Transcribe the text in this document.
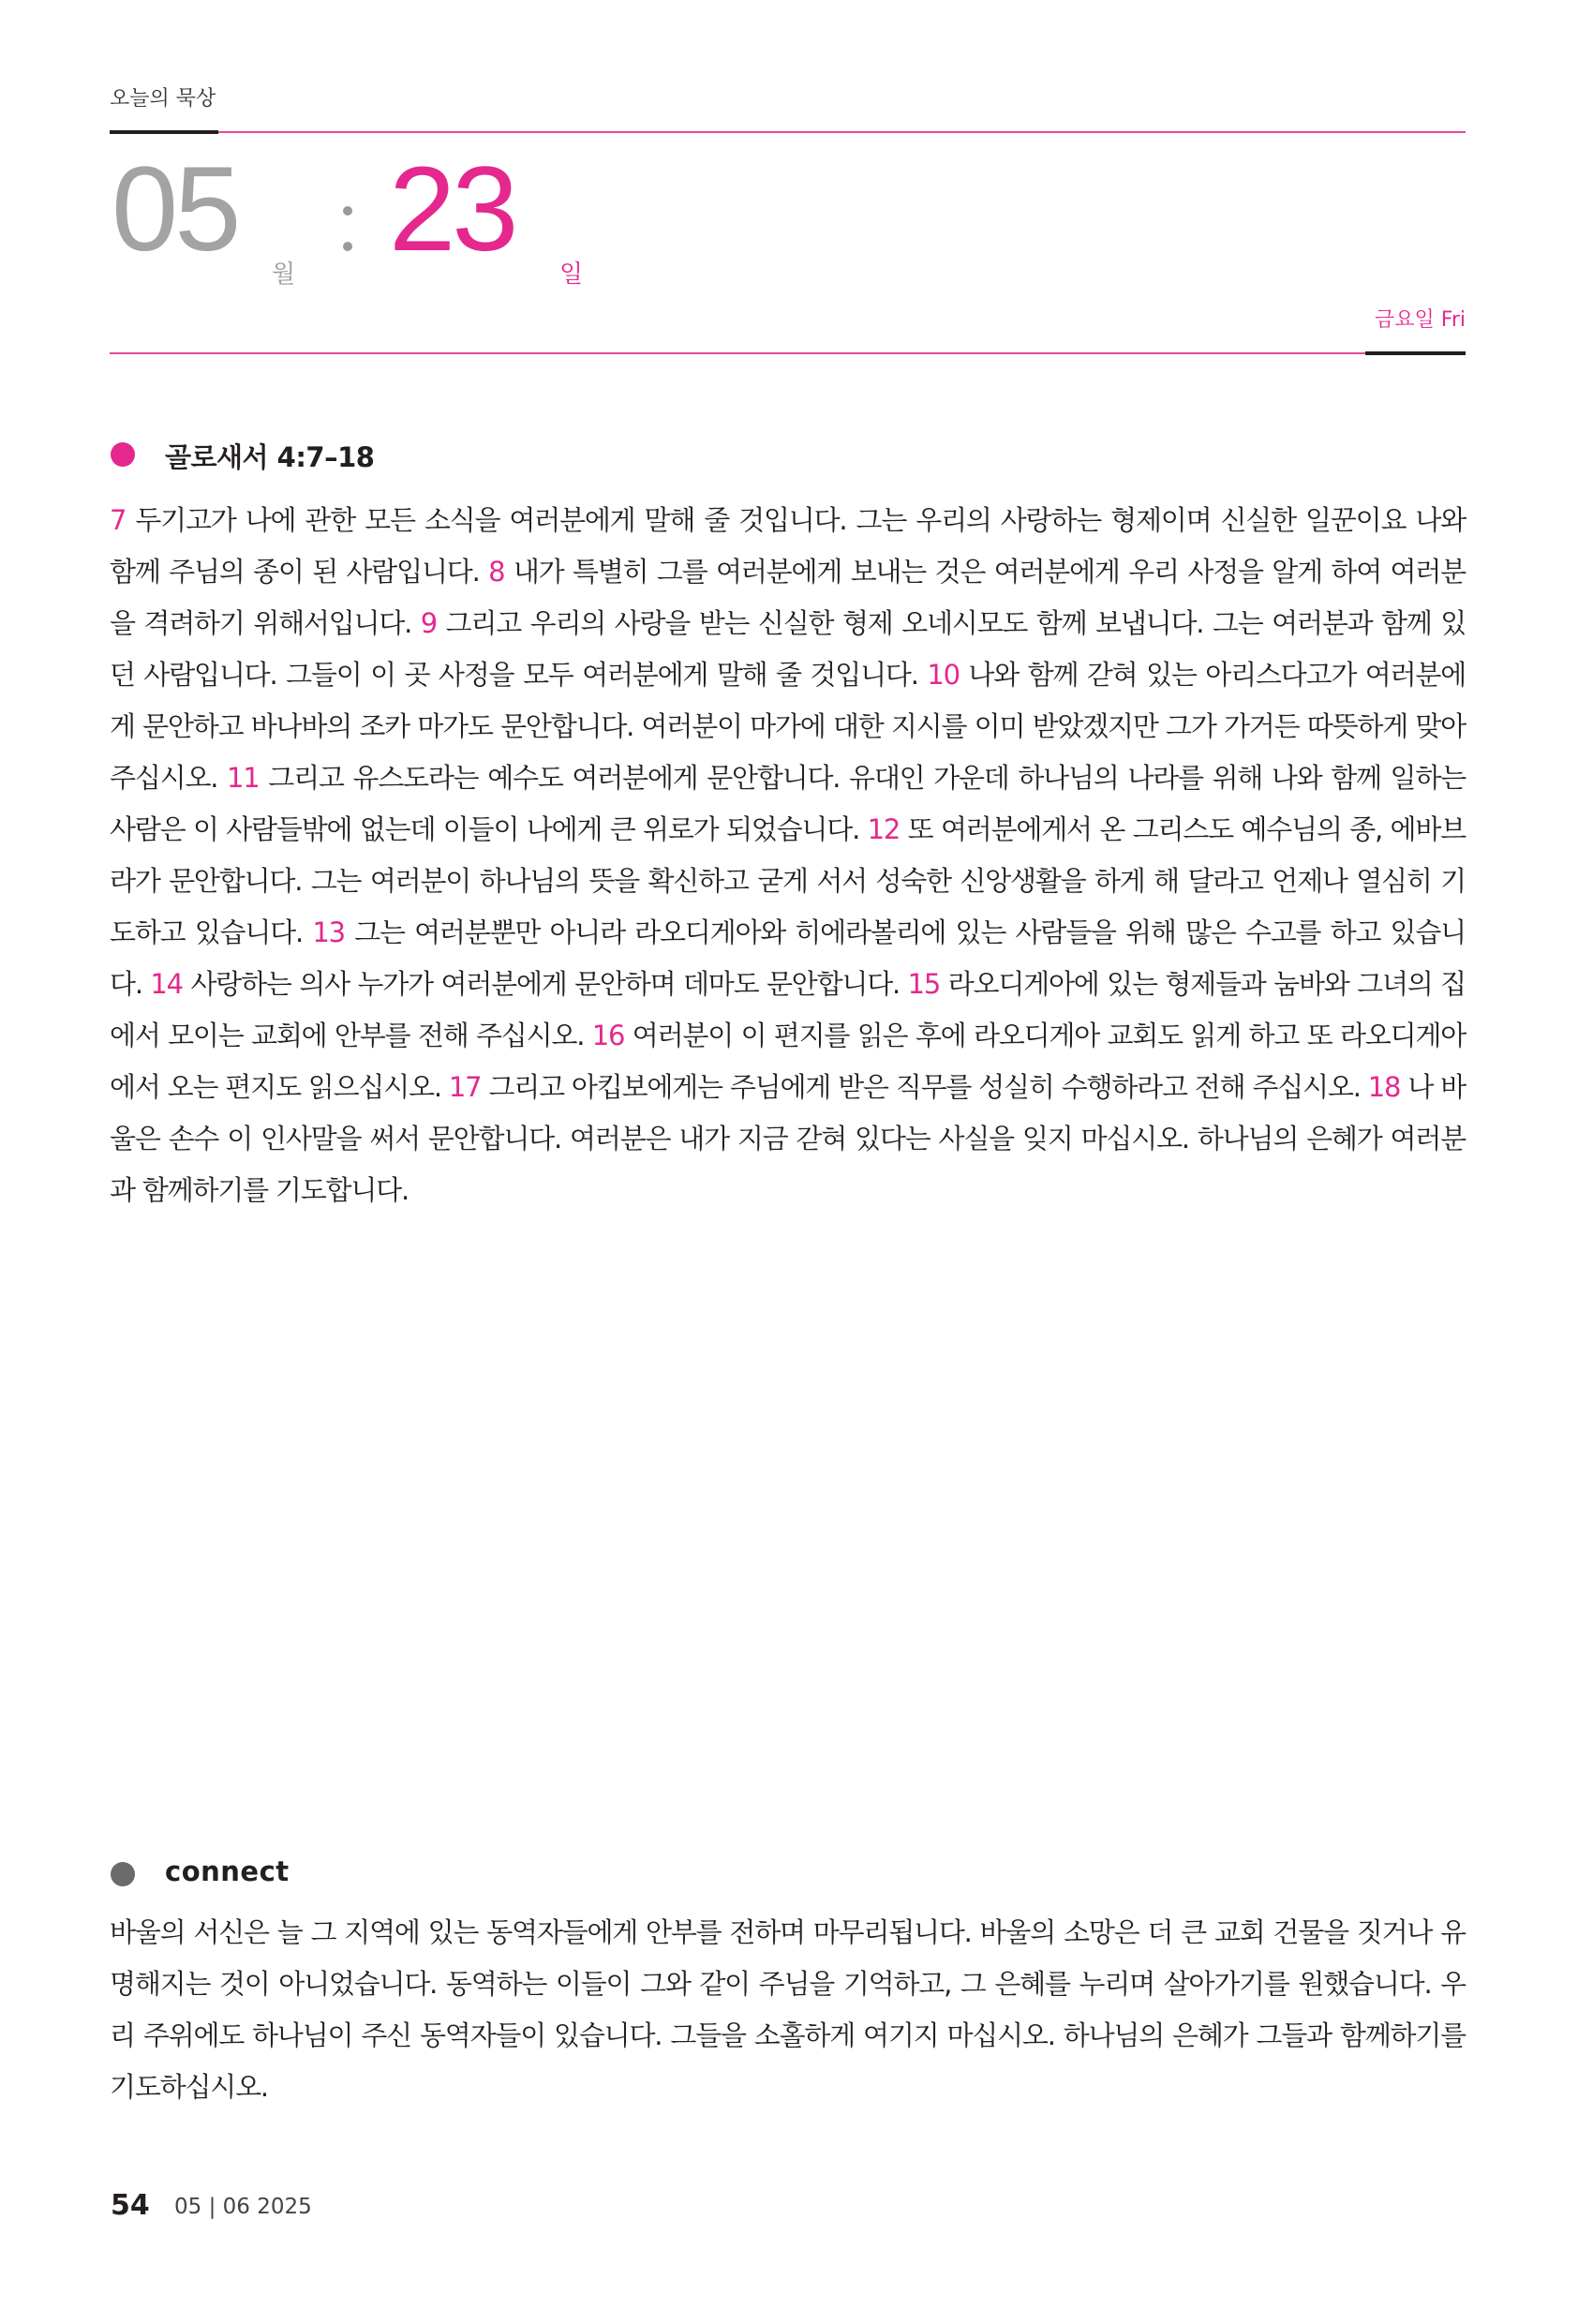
오늘의 묵상
05 월 23 일
금요일 Fri
골로새서 4:7–18
7 두기고가 나에 관한 모든 소식을 여러분에게 말해 줄 것입니다. 그는 우리의 사랑하는 형제이며 신실한 일꾼이요 나와 함께 주님의 종이 된 사람입니다. 8 내가 특별히 그를 여러분에게 보내는 것은 여러분에게 우리 사정을 알게 하여 여러분을 격려하기 위해서입니다. 9 그리고 우리의 사랑을 받는 신실한 형제 오네시모도 함께 보냅니다. 그는 여러분과 함께 있던 사람입니다. 그들이 이 곳 사정을 모두 여러분에게 말해 줄 것입니다. 10 나와 함께 갇혀 있는 아리스다고가 여러분에게 문안하고 바나바의 조카 마가도 문안합니다. 여러분이 마가에 대한 지시를 이미 받았겠지만 그가 가거든 따뜻하게 맞아 주십시오. 11 그리고 유스도라는 예수도 여러분에게 문안합니다. 유대인 가운데 하나님의 나라를 위해 나와 함께 일하는 사람은 이 사람들밖에 없는데 이들이 나에게 큰 위로가 되었습니다. 12 또 여러분에게서 온 그리스도 예수님의 종, 에바브라가 문안합니다. 그는 여러분이 하나님의 뜻을 확신하고 굳게 서서 성숙한 신앙생활을 하게 해 달라고 언제나 열심히 기도하고 있습니다. 13 그는 여러분뿐만 아니라 라오디게아와 히에라볼리에 있는 사람들을 위해 많은 수고를 하고 있습니다. 14 사랑하는 의사 누가가 여러분에게 문안하며 데마도 문안합니다. 15 라오디게아에 있는 형제들과 눔바와 그녀의 집에서 모이는 교회에 안부를 전해 주십시오. 16 여러분이 이 편지를 읽은 후에 라오디게아 교회도 읽게 하고 또 라오디게아에서 오는 편지도 읽으십시오. 17 그리고 아킵보에게는 주님에게 받은 직무를 성실히 수행하라고 전해 주십시오. 18 나 바울은 손수 이 인사말을 써서 문안합니다. 여러분은 내가 지금 갇혀 있다는 사실을 잊지 마십시오. 하나님의 은혜가 여러분과 함께하기를 기도합니다.
connect
바울의 서신은 늘 그 지역에 있는 동역자들에게 안부를 전하며 마무리됩니다. 바울의 소망은 더 큰 교회 건물을 짓거나 유명해지는 것이 아니었습니다. 동역하는 이들이 그와 같이 주님을 기억하고, 그 은혜를 누리며 살아가기를 원했습니다. 우리 주위에도 하나님이 주신 동역자들이 있습니다. 그들을 소홀하게 여기지 마십시오. 하나님의 은혜가 그들과 함께하기를 기도하십시오.
54 05 | 06 2025
